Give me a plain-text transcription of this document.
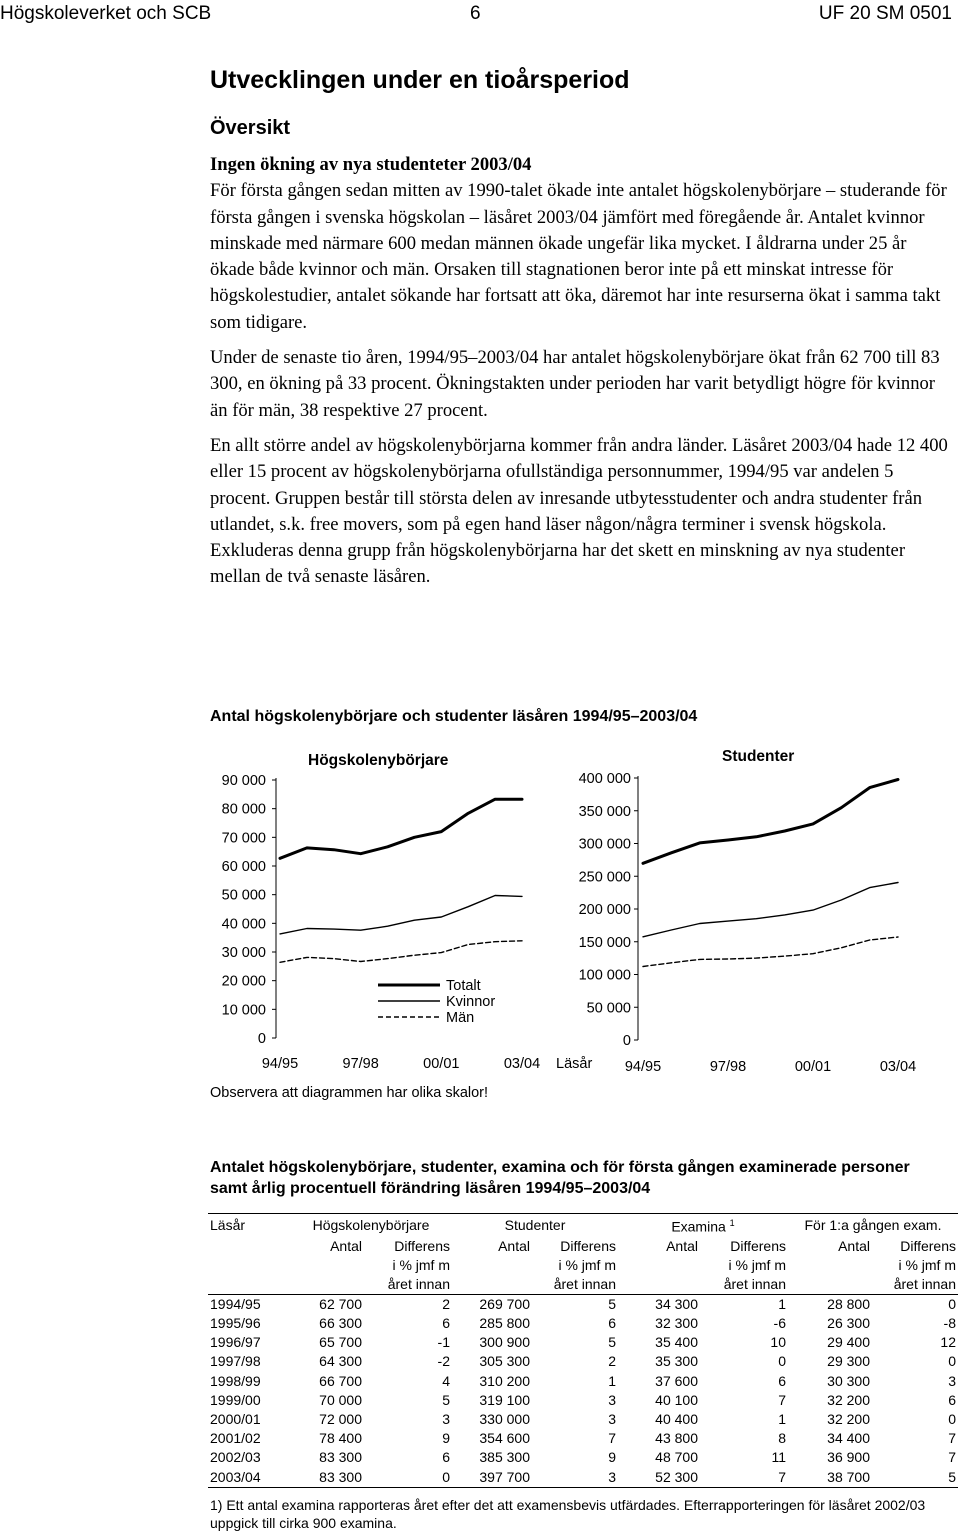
Högskoleverket och SCB	6	UF 20 SM 0501
Utvecklingen under en tioårsperiod
Översikt

Ingen ökning av nya studenteter 2003/04
För första gången sedan mitten av 1990-talet ökade inte antalet högskolenybörjare – studerande för första gången i svenska högskolan – läsåret 2003/04 jämfört med föregående år. Antalet kvinnor minskade med närmare 600 medan männen ökade ungefär lika mycket. I åldrarna under 25 år ökade både kvinnor och män. Orsaken till stagnationen beror inte på ett minskat intresse för högskolestudier, antalet sökande har fortsatt att öka, däremot har inte resurserna ökat i samma takt som tidigare.

Under de senaste tio åren, 1994/95–2003/04 har antalet högskolenybörjare ökat från 62 700 till 83 300, en ökning på 33 procent. Ökningstakten under perioden har varit betydligt högre för kvinnor än för män, 38 respektive 27 procent.

En allt större andel av högskolenybörjarna kommer från andra länder. Läsåret 2003/04 hade 12 400 eller 15 procent av högskolenybörjarna ofullständiga personnummer, 1994/95 var andelen 5 procent. Gruppen består till största delen av inresande utbytesstudenter och andra studenter från utlandet, s.k. free movers, som på egen hand läser någon/några terminer i svensk högskola. Exkluderas denna grupp från högskolenybörjarna har det skett en minskning av nya studenter mellan de två senaste läsåren.

Antal högskolenybörjare och studenter läsåren 1994/95–2003/04
0
10 000
20 000
30 000
40 000
50 000
60 000
70 000
80 000
90 000
Högskolenybörjare
94/95	97/98	00/01	03/04
0
50 000
100 000
150 000
200 000
250 000
300 000
350 000
400 000
Studenter
94/95	97/98	00/01	03/04
Läsår
Totalt
Kvinnor
Män
Observera att diagrammen har olika skalor!
Antalet högskolenybörjare, studenter, examina och för första gången examinerade personer samt årlig procentuell förändring läsåren 1994/95–2003/04
Läsår	Högskolenybörjare		Studenter		Examina $^1$		För 1:a gången exam.	

	Antal	Differens
i % jmf m
året innan	Antal	Differens
i % jmf m
året innan	Antal	Differens
i % jmf m
året innan	Antal	Differens
i % jmf m
året innan

1994/95	62 700	2	269 700	5	34 300	1	28 800	0
1995/96	66 300	6	285 800	6	32 300	-6	26 300	-8
1996/97	65 700	-1	300 900	5	35 400	10	29 400	12
1997/98	64 300	-2	305 300	2	35 300	0	29 300	0
1998/99	66 700	4	310 200	1	37 600	6	30 300	3
1999/00	70 000	5	319 100	3	40 100	7	32 200	6
2000/01	72 000	3	330 000	3	40 400	1	32 200	0
2001/02	78 400	9	354 600	7	43 800	8	34 400	7
2002/03	83 300	6	385 300	9	48 700	11	36 900	7
2003/04	83 300	0	397 700	3	52 300	7	38 700	5
1) Ett antal examina rapporteras året efter det att examensbevis utfärdades. Efterrapporteringen för läsåret 2002/03 uppgick till cirka 900 examina.
